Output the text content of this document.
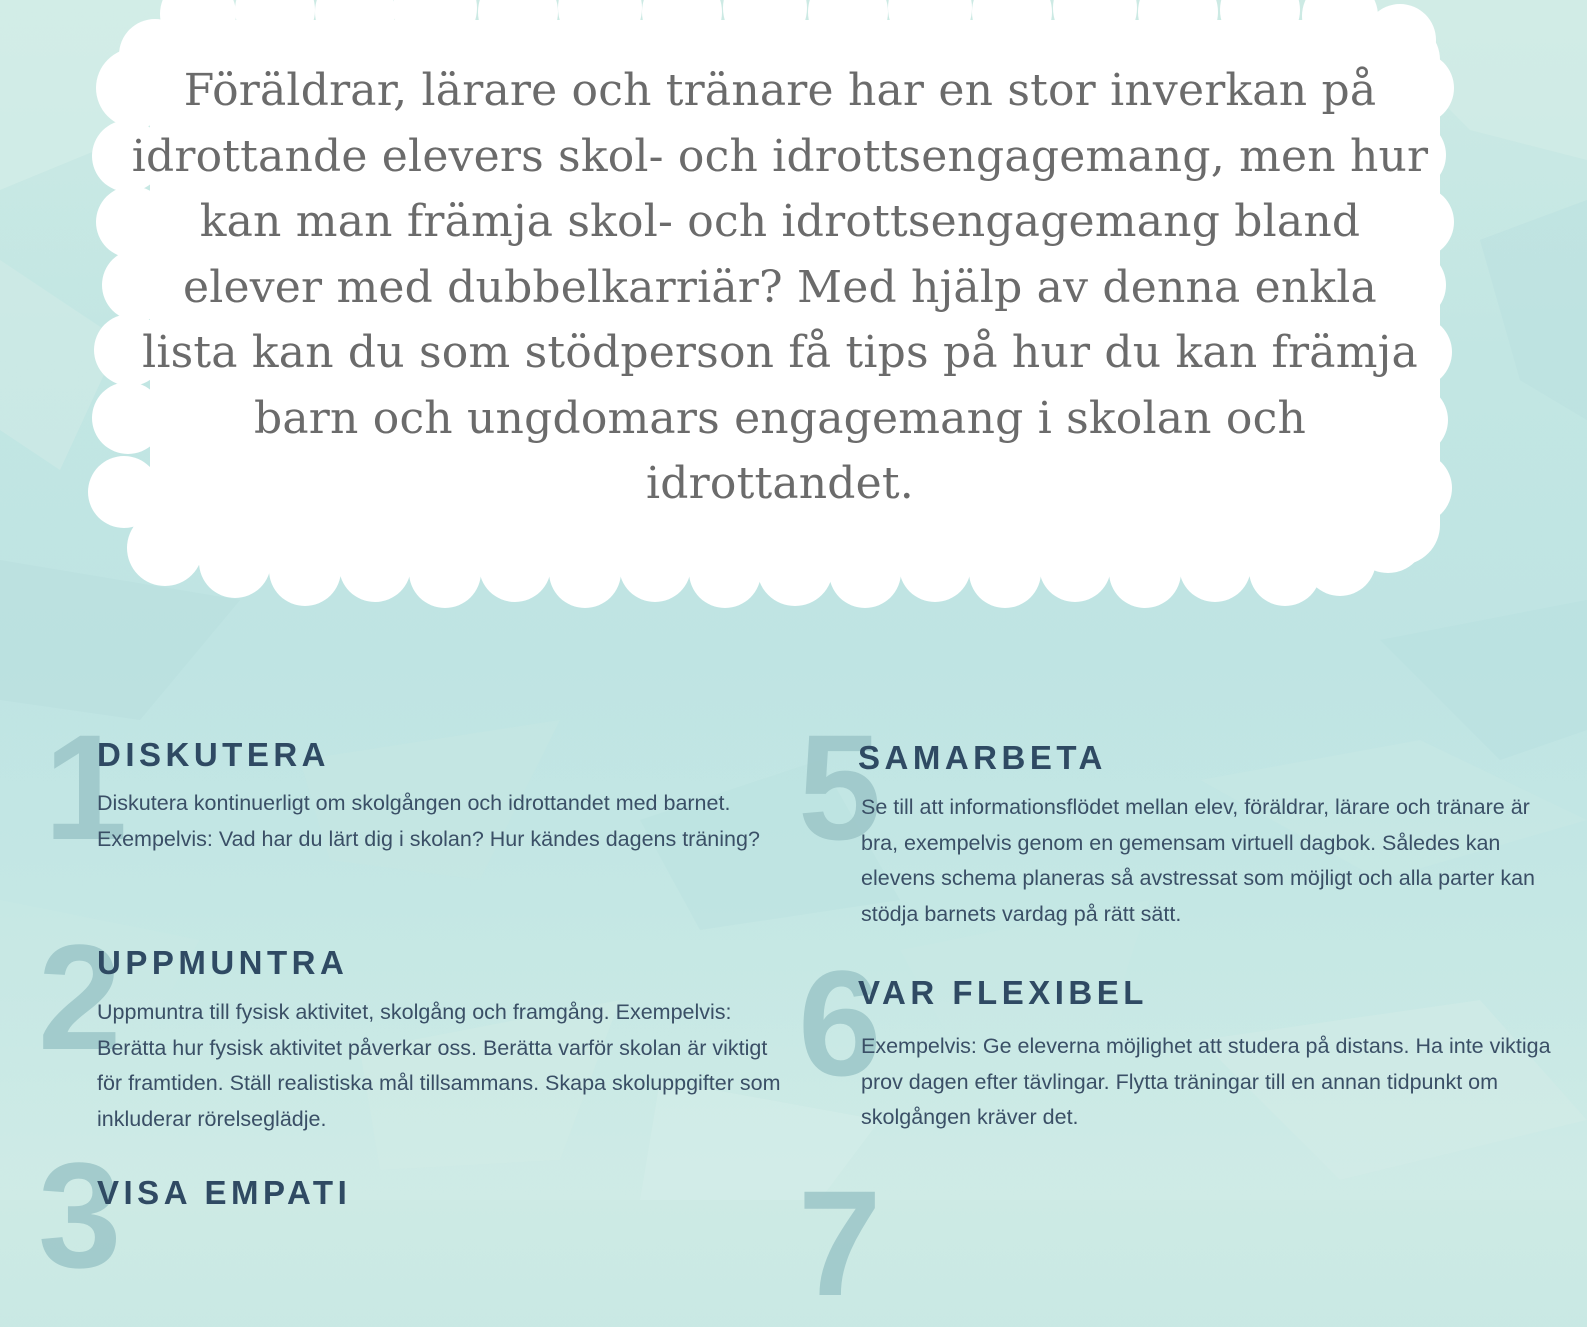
Föräldrar, lärare och tränare har en stor inverkan på idrottande elevers skol- och idrottsengagemang, men hur kan man främja skol- och idrottsengagemang bland elever med dubbelkarriär? Med hjälp av denna enkla lista kan du som stödperson få tips på hur du kan främja barn och ungdomars engagemang i skolan och idrottandet.

1
DISKUTERA

Diskutera kontinuerligt om skolgången och idrottandet med barnet. Exempelvis: Vad har du lärt dig i skolan? Hur kändes dagens träning?

2
UPPMUNTRA

Uppmuntra till fysisk aktivitet, skolgång och framgång. Exempelvis: Berätta hur fysisk aktivitet påverkar oss. Berätta varför skolan är viktigt för framtiden. Ställ realistiska mål tillsammans. Skapa skoluppgifter som inkluderar rörelseglädje.

3
VISA EMPATI
5
SAMARBETA

Se till att informationsflödet mellan elev, föräldrar, lärare och tränare är bra, exempelvis genom en gemensam virtuell dagbok. Således kan elevens schema planeras så avstressat som möjligt och alla parter kan stödja barnets vardag på rätt sätt.

6
VAR FLEXIBEL

Exempelvis: Ge eleverna möjlighet att studera på distans. Ha inte viktiga prov dagen efter tävlingar. Flytta träningar till en annan tidpunkt om skolgången kräver det.

7
